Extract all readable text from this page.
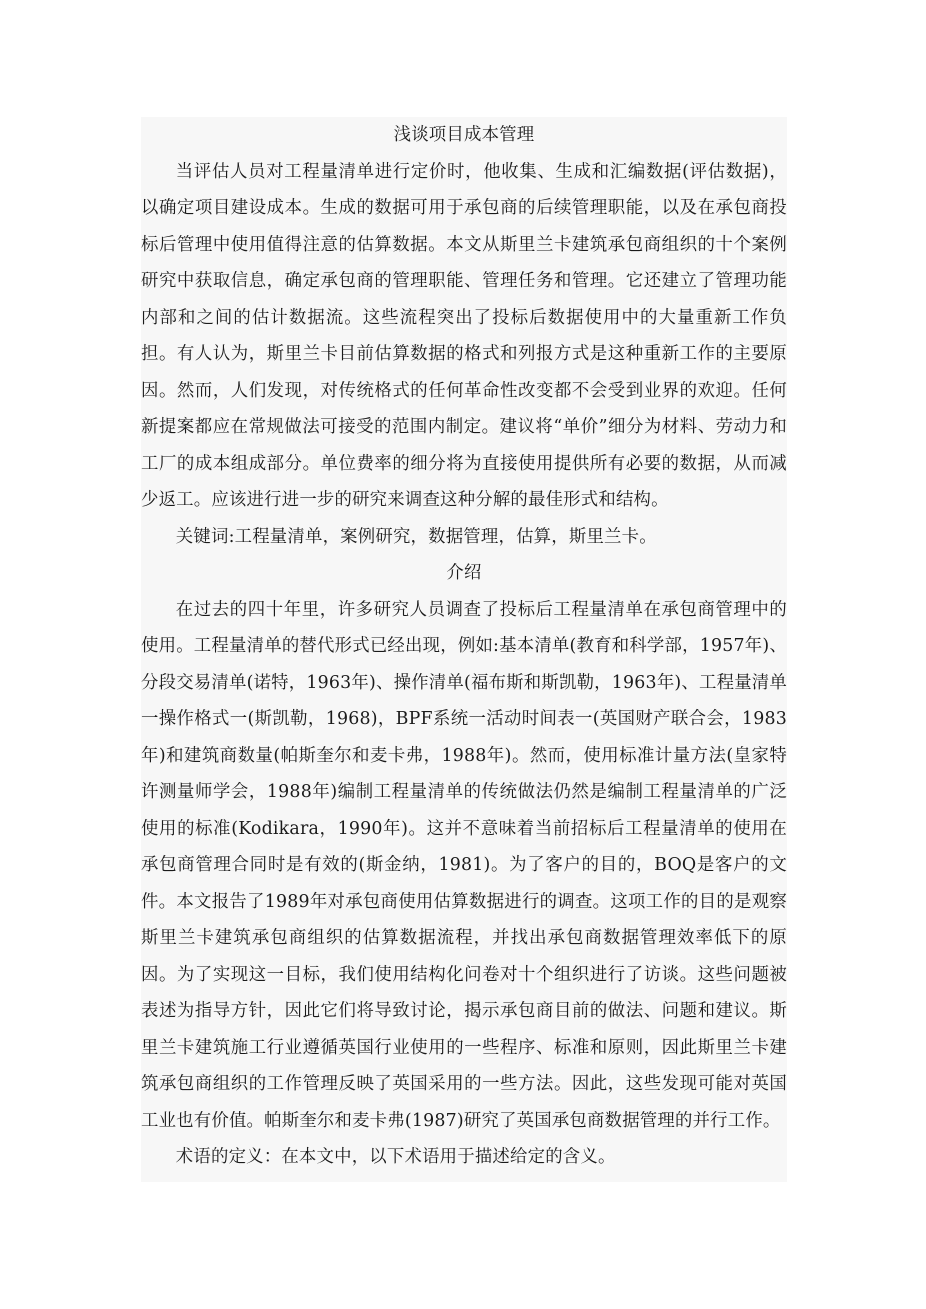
浅谈项目成本管理

当评估人员对工程量清单进行定价时，他收集、生成和汇编数据(评估数据)，以确定项目建设成本。生成的数据可用于承包商的后续管理职能，以及在承包商投标后管理中使用值得注意的估算数据。本文从斯里兰卡建筑承包商组织的十个案例研究中获取信息，确定承包商的管理职能、管理任务和管理。它还建立了管理功能内部和之间的估计数据流。这些流程突出了投标后数据使用中的大量重新工作负担。有人认为，斯里兰卡目前估算数据的格式和列报方式是这种重新工作的主要原因。然而，人们发现，对传统格式的任何革命性改变都不会受到业界的欢迎。任何新提案都应在常规做法可接受的范围内制定。建议将“单价”细分为材料、劳动力和工厂的成本组成部分。单位费率的细分将为直接使用提供所有必要的数据，从而减少返工。应该进行进一步的研究来调查这种分解的最佳形式和结构。

关键词:工程量清单，案例研究，数据管理，估算，斯里兰卡。

介绍

在过去的四十年里，许多研究人员调查了投标后工程量清单在承包商管理中的使用。工程量清单的替代形式已经出现，例如:基本清单(教育和科学部，1957年)、分段交易清单(诺特，1963年)、操作清单(福布斯和斯凯勒，1963年)、工程量清单一操作格式一(斯凯勒，1968)，BPF系统一活动时间表一(英国财产联合会，1983年)和建筑商数量(帕斯奎尔和麦卡弗，1988年)。然而，使用标准计量方法(皇家特许测量师学会，1988年)编制工程量清单的传统做法仍然是编制工程量清单的广泛使用的标准(Kodikara，1990年)。这并不意味着当前招标后工程量清单的使用在承包商管理合同时是有效的(斯金纳，1981)。为了客户的目的，BOQ是客户的文件。本文报告了1989年对承包商使用估算数据进行的调查。这项工作的目的是观察斯里兰卡建筑承包商组织的估算数据流程，并找出承包商数据管理效率低下的原因。为了实现这一目标，我们使用结构化问卷对十个组织进行了访谈。这些问题被表述为指导方针，因此它们将导致讨论，揭示承包商目前的做法、问题和建议。斯里兰卡建筑施工行业遵循英国行业使用的一些程序、标准和原则，因此斯里兰卡建筑承包商组织的工作管理反映了英国采用的一些方法。因此，这些发现可能对英国工业也有价值。帕斯奎尔和麦卡弗(1987)研究了英国承包商数据管理的并行工作。

术语的定义：在本文中，以下术语用于描述给定的含义。
